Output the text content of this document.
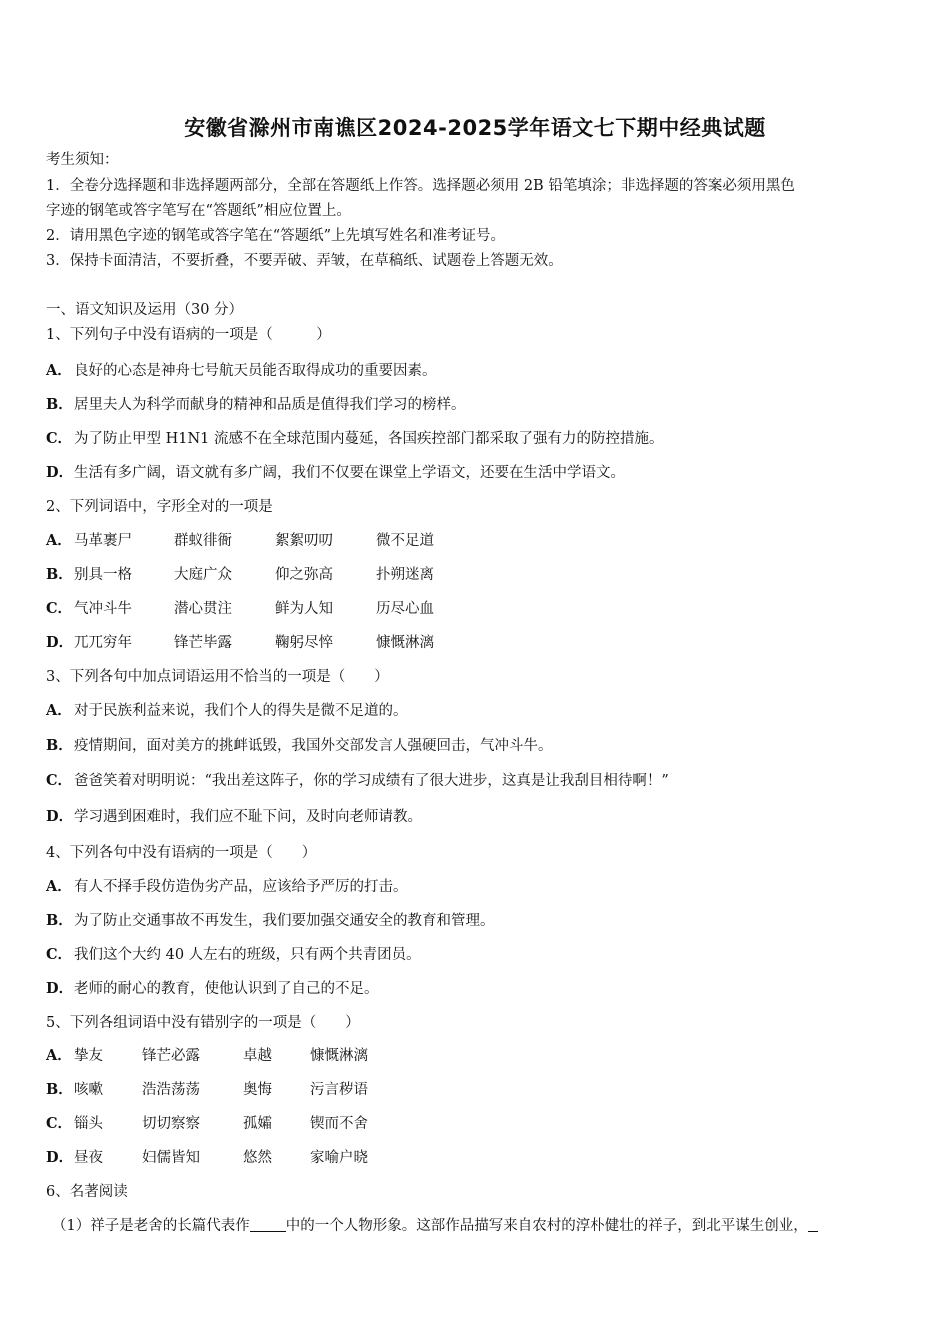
安徽省滁州市南谯区2024-2025学年语文七下期中经典试题
考生须知：
1．全卷分选择题和非选择题两部分，全部在答题纸上作答。选择题必须用 2B 铅笔填涂；非选择题的答案必须用黑色
字迹的钢笔或答字笔写在“答题纸”相应位置上。
2．请用黑色字迹的钢笔或答字笔在“答题纸”上先填写姓名和准考证号。
3．保持卡面清洁，不要折叠，不要弄破、弄皱，在草稿纸、试题卷上答题无效。
一、语文知识及运用（30 分）
1、下列句子中没有语病的一项是（　　　）
A． 良好的心态是神舟七号航天员能否取得成功的重要因素。
B．居里夫人为科学而献身的精神和品质是值得我们学习的榜样。
C． 为了防止甲型 H1N1 流感不在全球范围内蔓延，各国疾控部门都采取了强有力的防控措施。
D．生活有多广阔，语文就有多广阔，我们不仅要在课堂上学语文，还要在生活中学语文。
2、下列词语中，字形全对的一项是
A． 马革裹尸	群蚁徘衙	絮絮叨叨	微不足道
B．别具一格	大庭广众	仰之弥高	扑朔迷离
C． 气冲斗牛	潜心贯注	鲜为人知	历尽心血
D．兀兀穷年	锋芒毕露	鞠躬尽悴	慷慨淋漓
3、下列各句中加点词语运用不恰当的一项是（　　）
A． 对于民族利益来说，我们个人的得失是微不足道的。
B．疫情期间，面对美方的挑衅诋毁，我国外交部发言人强硬回击，气冲斗牛。
C． 爸爸笑着对明明说：“我出差这阵子，你的学习成绩有了很大进步，这真是让我刮目相待啊！”
D．学习遇到困难时，我们应不耻下问，及时向老师请教。
4、下列各句中没有语病的一项是（　　）
A． 有人不择手段仿造伪劣产品，应该给予严厉的打击。
B．为了防止交通事故不再发生，我们要加强交通安全的教育和管理。
C． 我们这个大约 40 人左右的班级，只有两个共青团员。
D．老师的耐心的教育，使他认识到了自己的不足。
5、下列各组词语中没有错别字的一项是（　　）
A． 挚友	锋芒必露	卓越	慷慨淋漓
B．咳嗽	浩浩荡荡	奥悔	污言秽语
C． 锱头	切切察察	孤孀	锲而不舍
D．昼夜	妇儒皆知	悠然	家喻户晓
6、名著阅读
（1）祥子是老舍的长篇代表作 中的一个人物形象。这部作品描写来自农村的淳朴健壮的祥子，到北平谋生创业，
